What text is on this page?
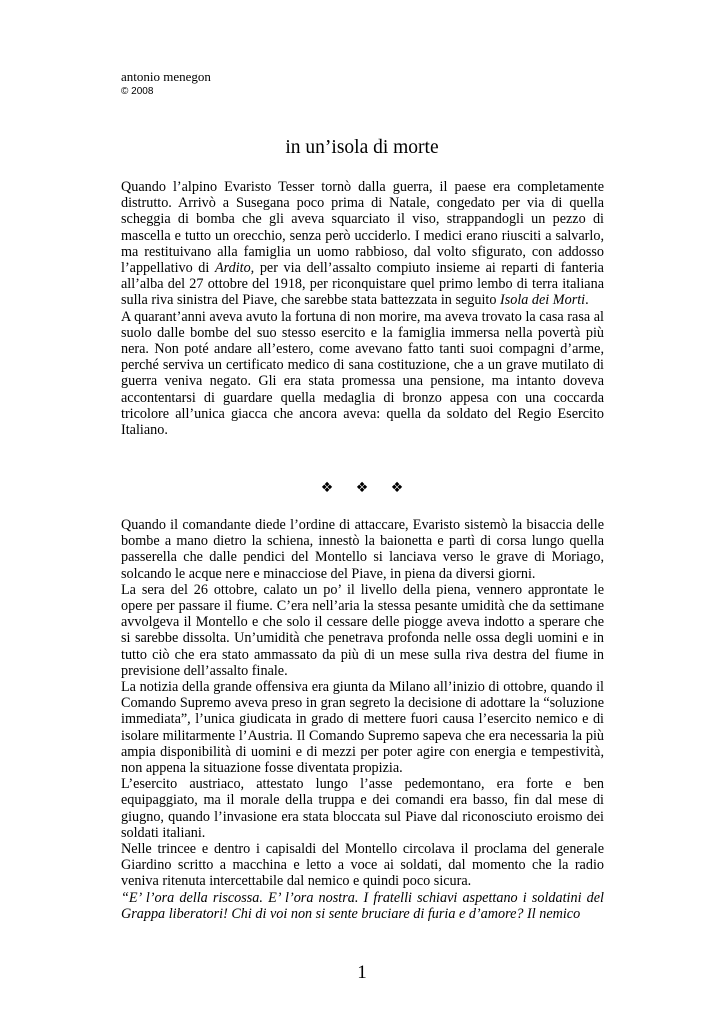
antonio menegon
© 2008
in un’isola di morte

Quando l’alpino Evaristo Tesser tornò dalla guerra, il paese era completamente distrutto. Arrivò a Susegana poco prima di Natale, congedato per via di quella scheggia di bomba che gli aveva squarciato il viso, strappandogli un pezzo di mascella e tutto un orecchio, senza però ucciderlo. I medici erano riusciti a salvarlo, ma restituivano alla famiglia un uomo rabbioso, dal volto sfigurato, con addosso l’appellativo di Ardito, per via dell’assalto compiuto insieme ai reparti di fanteria all’alba del 27 ottobre del 1918, per riconquistare quel primo lembo di terra italiana sulla riva sinistra del Piave, che sarebbe stata battezzata in seguito Isola dei Morti.

A quarant’anni aveva avuto la fortuna di non morire, ma aveva trovato la casa rasa al suolo dalle bombe del suo stesso esercito e la famiglia immersa nella povertà più nera. Non poté andare all’estero, come avevano fatto tanti suoi compagni d’arme, perché serviva un certificato medico di sana costituzione, che a un grave mutilato di guerra veniva negato. Gli era stata promessa una pensione, ma intanto doveva accontentarsi di guardare quella medaglia di bronzo appesa con una coccarda tricolore all’unica giacca che ancora aveva: quella da soldato del Regio Esercito Italiano.

❖ ❖ ❖

Quando il comandante diede l’ordine di attaccare, Evaristo sistemò la bisaccia delle bombe a mano dietro la schiena, innestò la baionetta e partì di corsa lungo quella passerella che dalle pendici del Montello si lanciava verso le grave di Moriago, solcando le acque nere e minacciose del Piave, in piena da diversi giorni.

La sera del 26 ottobre, calato un po’ il livello della piena, vennero approntate le opere per passare il fiume. C’era nell’aria la stessa pesante umidità che da settimane avvolgeva il Montello e che solo il cessare delle piogge aveva indotto a sperare che si sarebbe dissolta. Un’umidità che penetrava profonda nelle ossa degli uomini e in tutto ciò che era stato ammassato da più di un mese sulla riva destra del fiume in previsione dell’assalto finale.

La notizia della grande offensiva era giunta da Milano all’inizio di ottobre, quando il Comando Supremo aveva preso in gran segreto la decisione di adottare la “soluzione immediata”, l’unica giudicata in grado di mettere fuori causa l’esercito nemico e di isolare militarmente l’Austria. Il Comando Supremo sapeva che era necessaria la più ampia disponibilità di uomini e di mezzi per poter agire con energia e tempestività, non appena la situazione fosse diventata propizia.

L’esercito austriaco, attestato lungo l’asse pedemontano, era forte e ben equipaggiato, ma il morale della truppa e dei comandi era basso, fin dal mese di giugno, quando l’invasione era stata bloccata sul Piave dal riconosciuto eroismo dei soldati italiani.

Nelle trincee e dentro i capisaldi del Montello circolava il proclama del generale Giardino scritto a macchina e letto a voce ai soldati, dal momento che la radio veniva ritenuta intercettabile dal nemico e quindi poco sicura.

“E’ l’ora della riscossa. E’ l’ora nostra. I fratelli schiavi aspettano i soldatini del Grappa liberatori! Chi di voi non si sente bruciare di furia e d’amore? Il nemico

1
